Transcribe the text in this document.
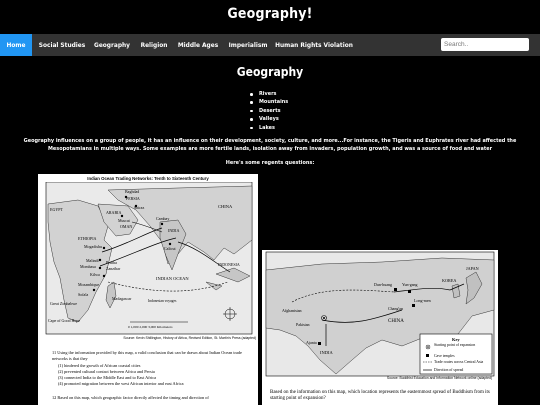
Geography!
Home	Social Studies	Geography	Religion	Middle Ages	Imperialism	Human Rights Violation	Search..
Geography
Rivers
Mountains
Deserts
Valleys
Lakes
Geography influences on a group of people, it has an influence on their development, society, culture, and more...For instance, the Tigeris and Euphrates river had affected the Mesopotamians in multiple ways. Some examples are more fertile lands, isolation away from invaders, population growth, and was a source of food and water
Here's some regents questions:
Indian Ocean Trading Networks: Tenth to Sixteenth Century
Baghdad
PERSIA
Shiraz
EGYPT
ARABIA
Muscat
OMAN
Cambay
INDIA
CHINA
Calicut
Mogadishu
ETHIOPIA
Malindi
Mombasa
Pemba
Zanzibar
Kilwa
Mozambique
Sofala
Great Zimbabwe
Madagascar
INDIAN OCEAN
INDONESIA
Cape of Good Hope
Indonesian voyages
0 1,000 2,000 3,000 Kilometers
Source: Kevin Shillington, History of Africa, Revised Edition, St. Martin's Press (adapted)
11 Using the information provided by this map, a valid conclusion that can be drawn about Indian Ocean trade networks is that they
(1) hindered the growth of African coastal cities
(2) prevented cultural contact between Africa and Persia
(3) connected India to the Middle East and to East Africa
(4) promoted migration between the west African interior and east Africa
12 Based on this map, which geographic factor directly affected the timing and direction of
JAPAN
KOREA
Dun-huang	Yun-gang
Long-men
Chang'an
CHINA
Afghanistan
Pakistan
INDIA
Ajanta
Key
Starting point of expansion
Cave temples
Trade routes across Central Asia
Direction of spread
Source: Buddhist Education and Information Network online (adapted)
Based on the information on this map, which location represents the easternmost spread of Buddhism from its starting point of expansion?
